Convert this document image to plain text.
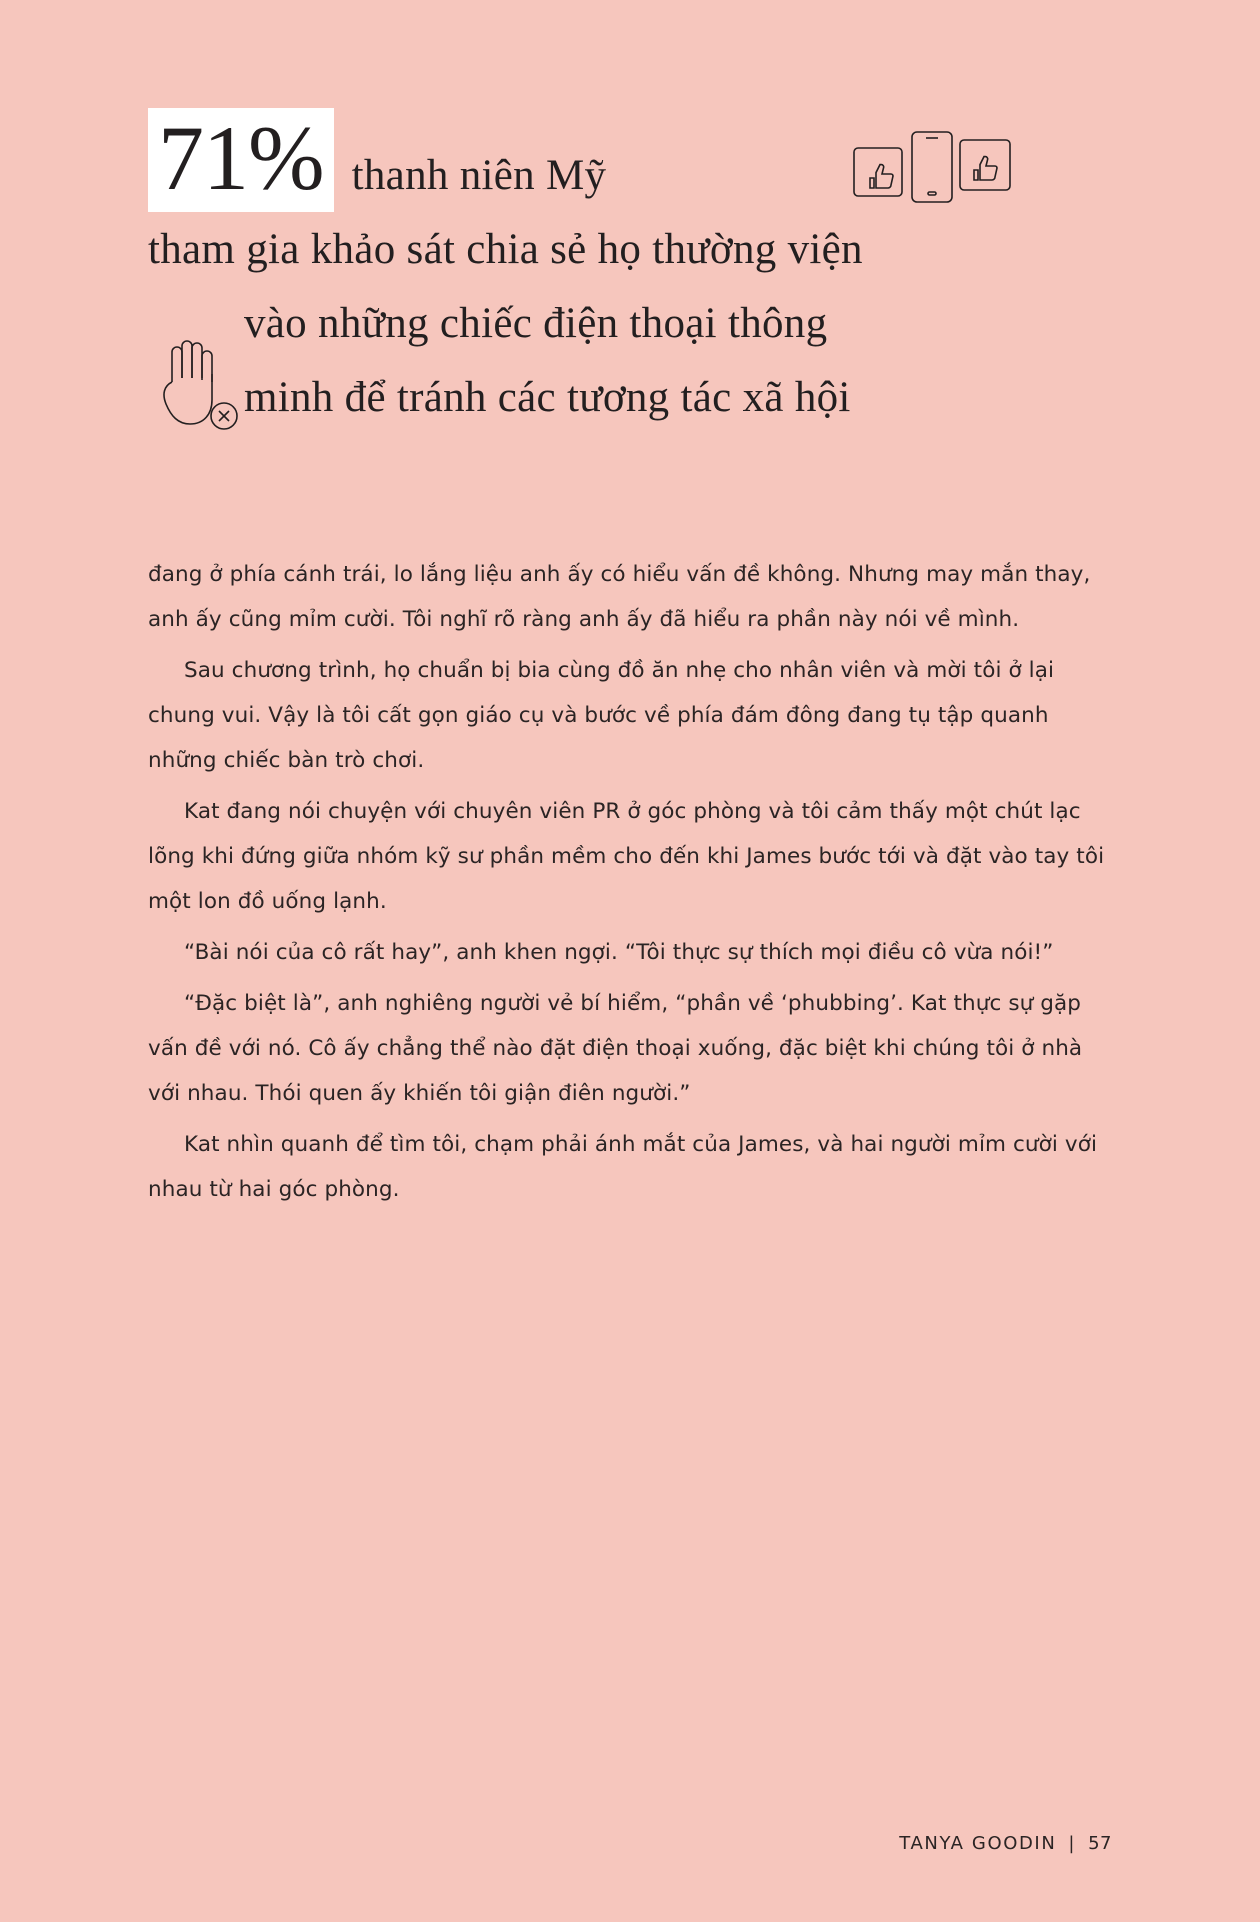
71% thanh niên Mỹ
tham gia khảo sát chia sẻ họ thường viện
vào những chiếc điện thoại thông
minh để tránh các tương tác xã hội

đang ở phía cánh trái, lo lắng liệu anh ấy có hiểu vấn đề không. Nhưng may mắn thay, anh ấy cũng mỉm cười. Tôi nghĩ rõ ràng anh ấy đã hiểu ra phần này nói về mình.

Sau chương trình, họ chuẩn bị bia cùng đồ ăn nhẹ cho nhân viên và mời tôi ở lại chung vui. Vậy là tôi cất gọn giáo cụ và bước về phía đám đông đang tụ tập quanh những chiếc bàn trò chơi.

Kat đang nói chuyện với chuyên viên PR ở góc phòng và tôi cảm thấy một chút lạc lõng khi đứng giữa nhóm kỹ sư phần mềm cho đến khi James bước tới và đặt vào tay tôi một lon đồ uống lạnh.

“Bài nói của cô rất hay”, anh khen ngợi. “Tôi thực sự thích mọi điều cô vừa nói!”

“Đặc biệt là”, anh nghiêng người vẻ bí hiểm, “phần về ‘phubbing’. Kat thực sự gặp vấn đề với nó. Cô ấy chẳng thể nào đặt điện thoại xuống, đặc biệt khi chúng tôi ở nhà với nhau. Thói quen ấy khiến tôi giận điên người.”

Kat nhìn quanh để tìm tôi, chạm phải ánh mắt của James, và hai người mỉm cười với nhau từ hai góc phòng.

TANYA GOODIN | 57
